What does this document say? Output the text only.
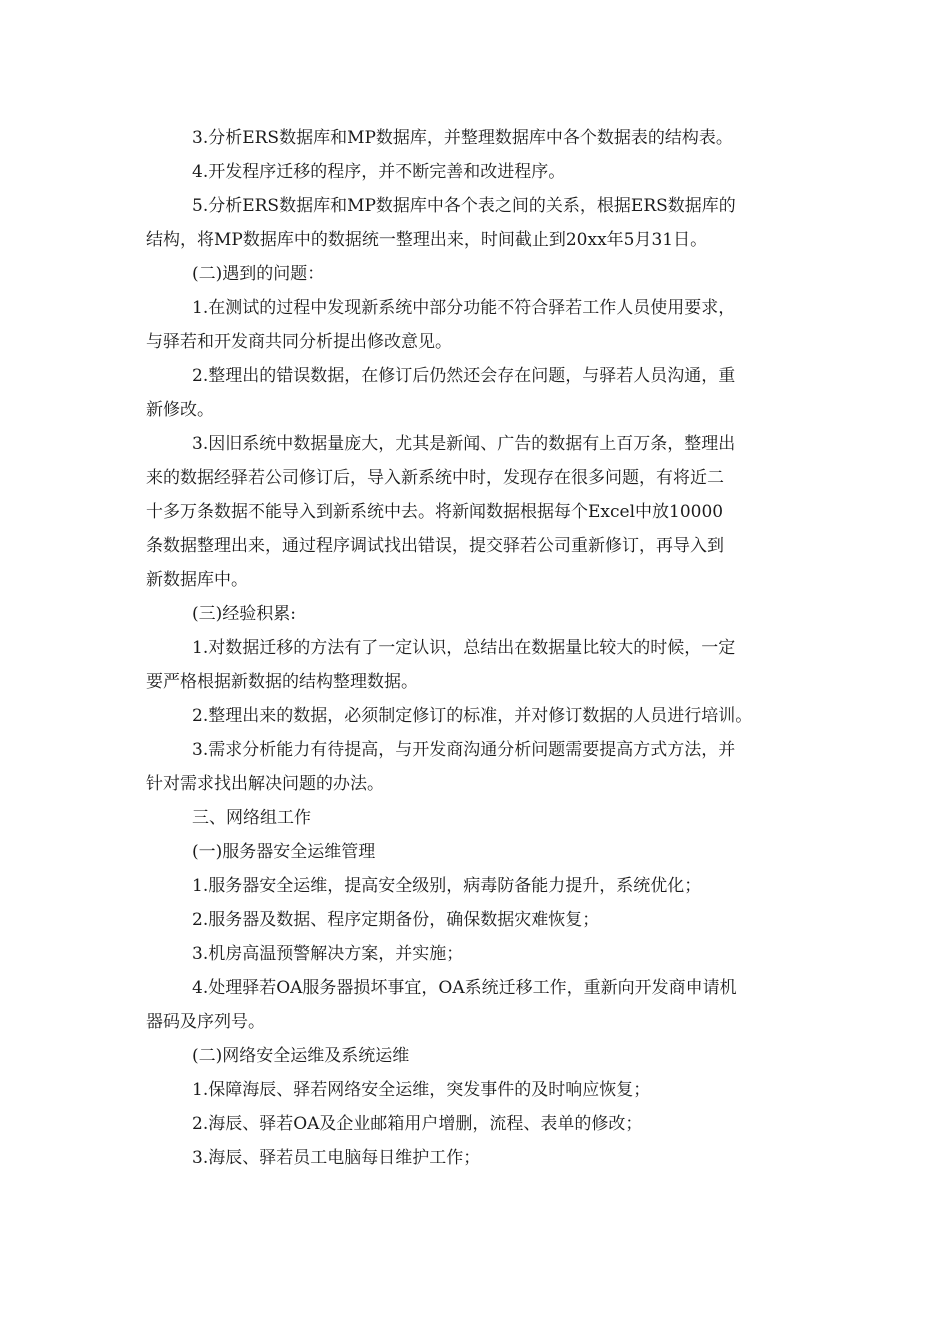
3.分析ERS数据库和MP数据库，并整理数据库中各个数据表的结构表。
4.开发程序迁移的程序，并不断完善和改进程序。
5.分析ERS数据库和MP数据库中各个表之间的关系，根据ERS数据库的
结构，将MP数据库中的数据统一整理出来，时间截止到20xx年5月31日。
(二)遇到的问题：
1.在测试的过程中发现新系统中部分功能不符合驿若工作人员使用要求，
与驿若和开发商共同分析提出修改意见。
2.整理出的错误数据，在修订后仍然还会存在问题，与驿若人员沟通，重
新修改。
3.因旧系统中数据量庞大，尤其是新闻、广告的数据有上百万条，整理出
来的数据经驿若公司修订后，导入新系统中时，发现存在很多问题，有将近二
十多万条数据不能导入到新系统中去。将新闻数据根据每个Excel中放10000
条数据整理出来，通过程序调试找出错误，提交驿若公司重新修订，再导入到
新数据库中。
(三)经验积累:
1.对数据迁移的方法有了一定认识，总结出在数据量比较大的时候，一定
要严格根据新数据的结构整理数据。
2.整理出来的数据，必须制定修订的标准，并对修订数据的人员进行培训。
3.需求分析能力有待提高，与开发商沟通分析问题需要提高方式方法，并
针对需求找出解决问题的办法。
三、网络组工作
(一)服务器安全运维管理
1.服务器安全运维，提高安全级别，病毒防备能力提升，系统优化；
2.服务器及数据、程序定期备份，确保数据灾难恢复；
3.机房高温预警解决方案，并实施；
4.处理驿若OA服务器损坏事宜，OA系统迁移工作，重新向开发商申请机
器码及序列号。
(二)网络安全运维及系统运维
1.保障海辰、驿若网络安全运维，突发事件的及时响应恢复；
2.海辰、驿若OA及企业邮箱用户增删，流程、表单的修改；
3.海辰、驿若员工电脑每日维护工作；
